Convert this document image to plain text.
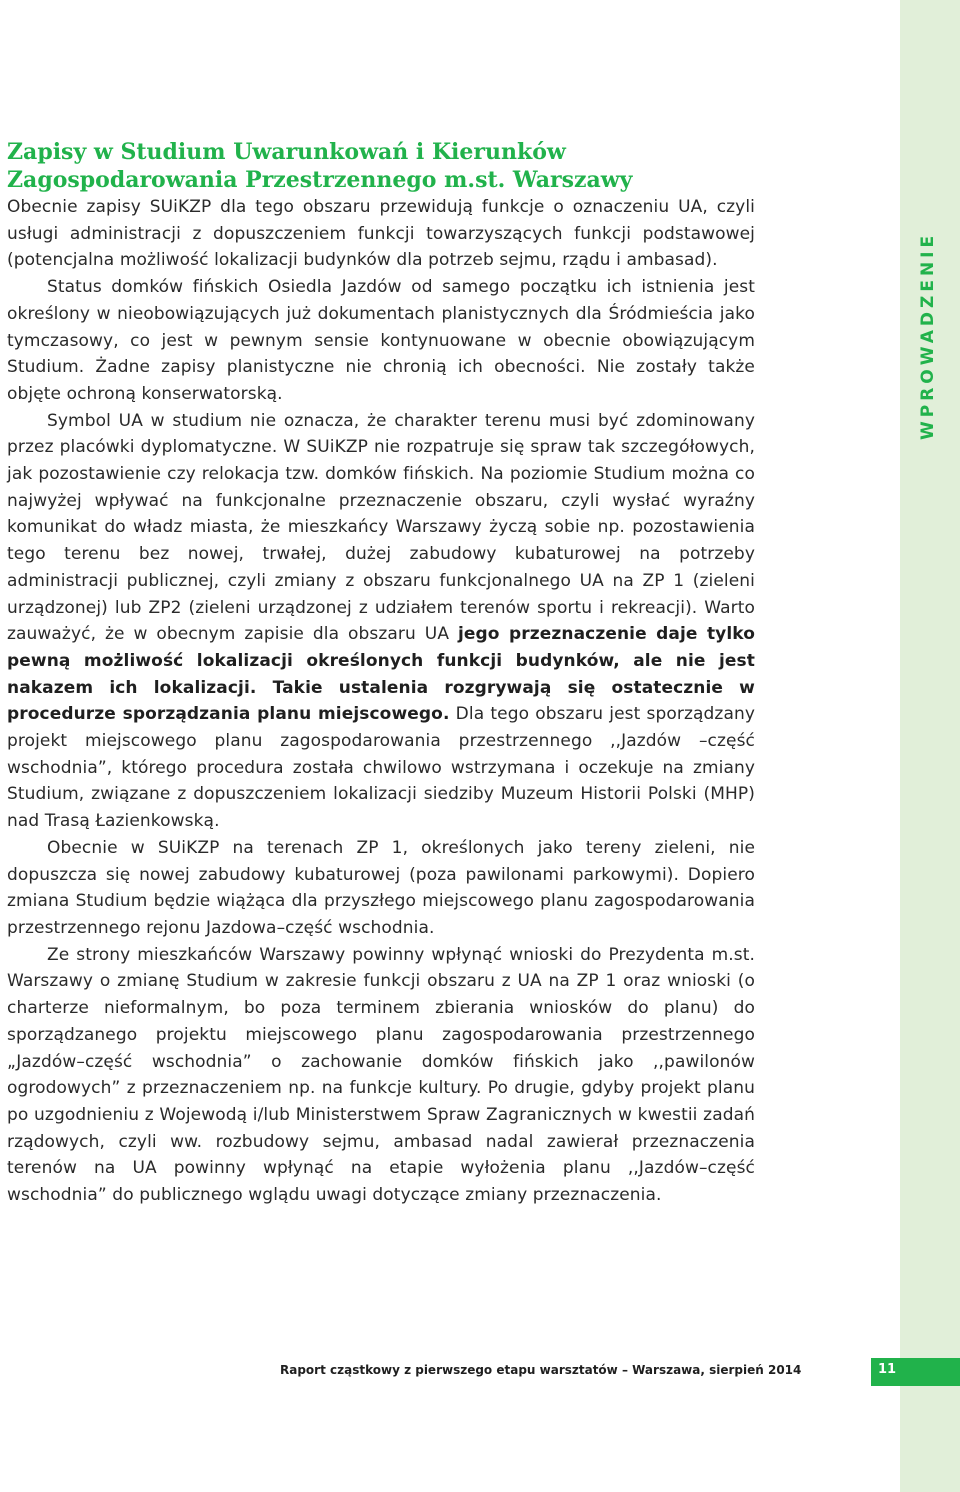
WPROWADZENIE
Zapisy w Studium Uwarunkowań i Kierunków Zagospodarowania Przestrzennego m.st. Warszawy

Obecnie zapisy SUiKZP dla tego obszaru przewidują funkcje o oznaczeniu UA, czyli usługi administracji z dopuszczeniem funkcji towarzyszących funkcji podstawowej (potencjalna możliwość lokalizacji budynków dla potrzeb sejmu, rządu i ambasad).

Status domków fińskich Osiedla Jazdów od samego początku ich istnienia jest określony w nieobowiązujących już dokumentach planistycznych dla Śródmieścia jako tymczasowy, co jest w pewnym sensie kontynuowane w obecnie obowiązującym Studium. Żadne zapisy planistyczne nie chronią ich obecności. Nie zostały także objęte ochroną konserwatorską.

Symbol UA w studium nie oznacza, że charakter terenu musi być zdominowany przez placówki dyplomatyczne. W SUiKZP nie rozpatruje się spraw tak szczegółowych, jak pozostawienie czy relokacja tzw. domków fińskich. Na poziomie Studium można co najwyżej wpływać na funkcjonalne przeznaczenie obszaru, czyli wysłać wyraźny komunikat do władz miasta, że mieszkańcy Warszawy życzą sobie np. pozostawienia tego terenu bez nowej, trwałej, dużej zabudowy kubaturowej na potrzeby administracji publicznej, czyli zmiany z obszaru funkcjonalnego UA na ZP 1 (zieleni urządzonej) lub ZP2 (zieleni urządzonej z udziałem terenów sportu i rekreacji). Warto zauważyć, że w obecnym zapisie dla obszaru UA jego przeznaczenie daje tylko pewną możliwość lokalizacji określonych funkcji budynków, ale nie jest nakazem ich lokalizacji. Takie ustalenia rozgrywają się ostatecznie w procedurze sporządzania planu miejscowego. Dla tego obszaru jest sporządzany projekt miejscowego planu zagospodarowania przestrzennego ,,Jazdów –część wschodnia”, którego procedura została chwilowo wstrzymana i oczekuje na zmiany Studium, związane z dopuszczeniem lokalizacji siedziby Muzeum Historii Polski (MHP) nad Trasą Łazienkowską.

Obecnie w SUiKZP na terenach ZP 1, określonych jako tereny zieleni, nie dopuszcza się nowej zabudowy kubaturowej (poza pawilonami parkowymi). Dopiero zmiana Studium będzie wiążąca dla przyszłego miejscowego planu zagospodarowania przestrzennego rejonu Jazdowa–część wschodnia.

Ze strony mieszkańców Warszawy powinny wpłynąć wnioski do Prezydenta m.st. Warszawy o zmianę Studium w zakresie funkcji obszaru z UA na ZP 1 oraz wnioski (o charterze nieformalnym, bo poza terminem zbierania wniosków do planu) do sporządzanego projektu miejscowego planu zagospodarowania przestrzennego „Jazdów–część wschodnia” o zachowanie domków fińskich jako ,,pawilonów ogrodowych” z przeznaczeniem np. na funkcje kultury. Po drugie, gdyby projekt planu po uzgodnieniu z Wojewodą i/lub Ministerstwem Spraw Zagranicznych w kwestii zadań rządowych, czyli ww. rozbudowy sejmu, ambasad nadal zawierał przeznaczenia terenów na UA powinny wpłynąć na etapie wyłożenia planu ,,Jazdów–część wschodnia” do publicznego wglądu uwagi dotyczące zmiany przeznaczenia.

Raport cząstkowy z pierwszego etapu warsztatów – Warszawa, sierpień 2014	11
